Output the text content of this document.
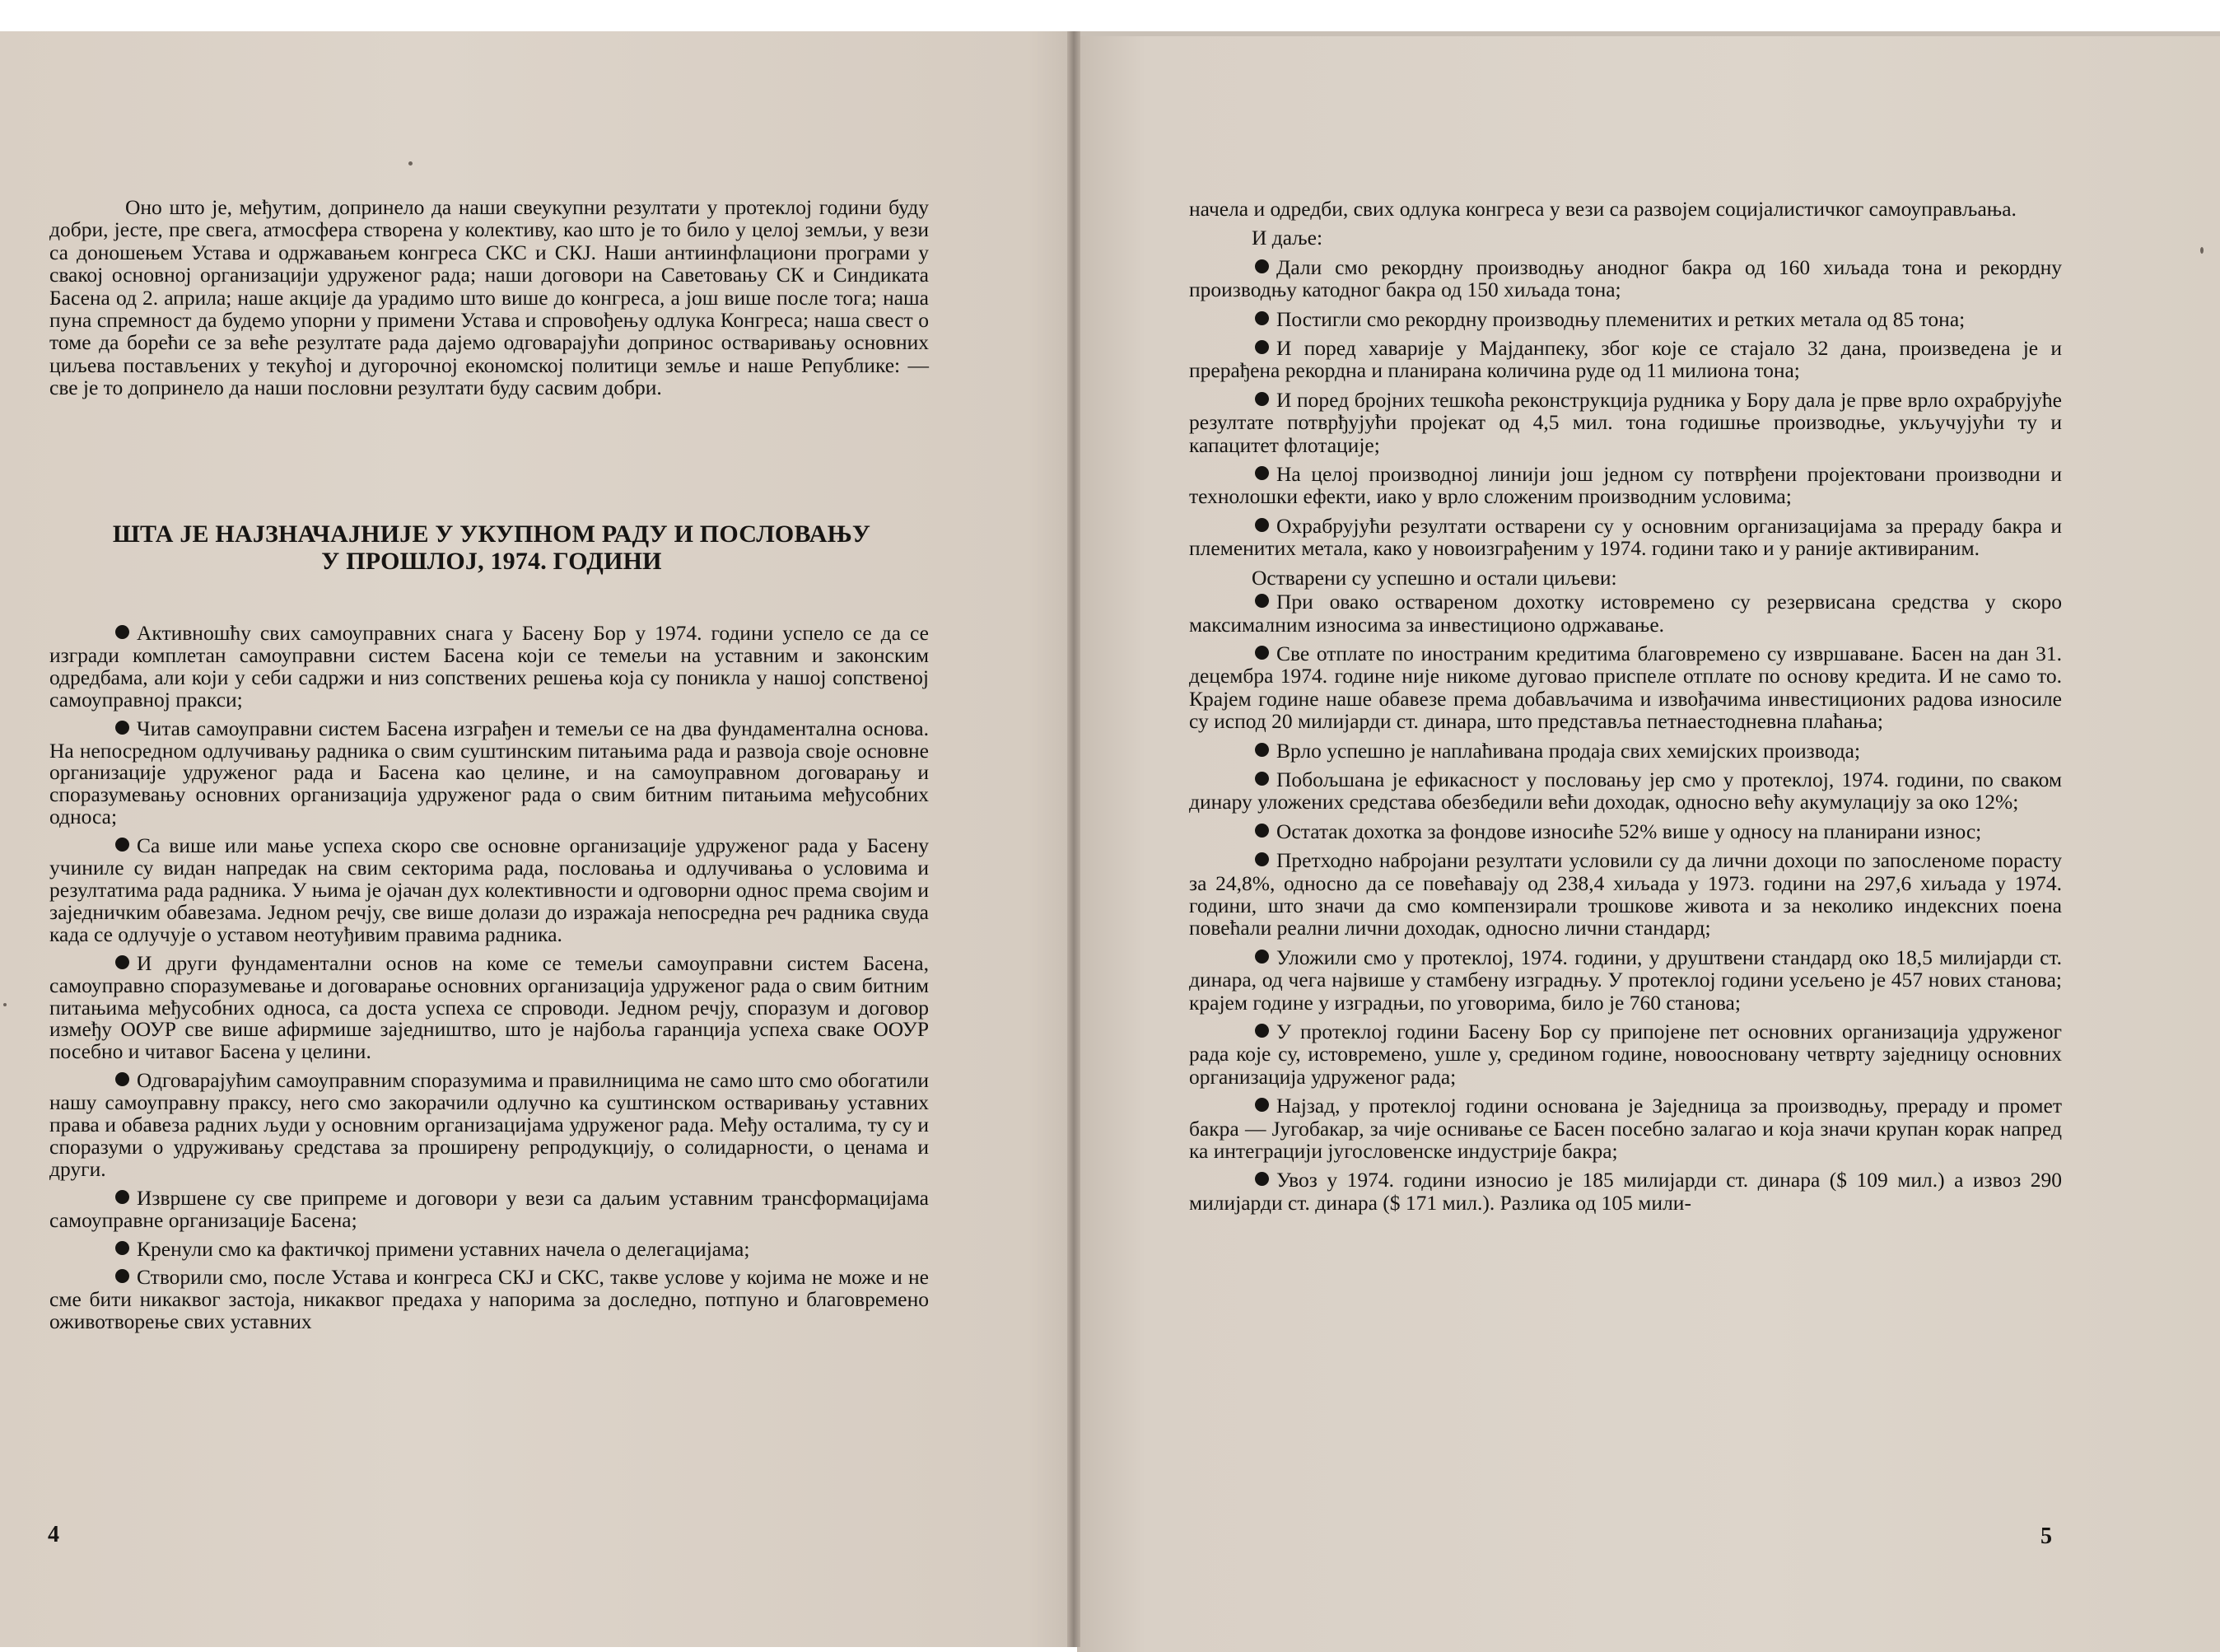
Оно што је, међутим, допринело да наши свеукупни резултати у протеклој години буду добри, јесте, пре свега, атмосфера створена у колективу, као што је то било у целој земљи, у вези са доношењем Устава и одржавањем конгреса СКС и СКЈ. Наши антиинфлациони програми у свакој основној организацији удруженог рада; наши договори на Саветовању СК и Синдиката Басена од 2. априла; наше акције да урадимо што више до конгреса, а још више после тога; наша пуна спремност да будемо упорни у примени Устава и спровођењу одлука Конгреса; наша свест о томе да борећи се за веће резултате рада дајемо одговарајући допринос остваривању основних циљева постављених у текућој и дугорочној економској политици земље и наше Републике: — све је то допринело да наши пословни резултати буду сасвим добри.

ШТА ЈЕ НАЈЗНАЧАЈНИЈЕ У УКУПНОМ РАДУ И ПОСЛОВАЊУ
У ПРОШЛОЈ, 1974. ГОДИНИ

Активношћу свих самоуправних снага у Басену Бор у 1974. години успело се да се изгради комплетан самоуправни систем Басена који се темељи на уставним и законским одредбама, али који у себи садржи и низ сопствених решења која су поникла у нашој сопственој самоуправној пракси;

Читав самоуправни систем Басена изграђен и темељи се на два фундаментална основа. На непосредном одлучивању радника о свим суштинским питањима рада и развоја своје основне организације удруженог рада и Басена као целине, и на самоуправном договарању и споразумевању основних организација удруженог рада о свим битним питањима међусобних односа;

Са више или мање успеха скоро све основне организације удруженог рада у Басену учиниле су видан напредак на свим секторима рада, пословања и одлучивања о условима и резултатима рада радника. У њима је ојачан дух колективности и одговорни однос према својим и заједничким обавезама. Једном речју, све више долази до изражаја непосредна реч радника свуда када се одлучује о уставом неотуђивим правима радника.

И други фундаментални основ на коме се темељи самоуправни систем Басена, самоуправно споразумевање и договарање основних организација удруженог рада о свим битним питањима међусобних односа, са доста успеха се спроводи. Једном речју, споразум и договор између ООУР све више афирмише заједништво, што је најбоља гаранција успеха сваке ООУР посебно и читавог Басена у целини.

Одговарајућим самоуправним споразумима и правилницима не само што смо обогатили нашу самоуправну праксу, него смо закорачили одлучно ка суштинском остваривању уставних права и обавеза радних људи у основним организацијама удруженог рада. Међу осталима, ту су и споразуми о удруживању средстава за проширену репродукцију, о солидарности, о ценама и други.

Извршене су све припреме и договори у вези са даљим уставним трансформацијама самоуправне организације Басена;

Кренули смо ка фактичкој примени уставних начела о делегацијама;

Створили смо, после Устава и конгреса СКЈ и СКС, такве услове у којима не може и не сме бити никаквог застоја, никаквог предаха у напорима за доследно, потпуно и благовремено оживотворење свих уставних

4

начела и одредби, свих одлука конгреса у вези са развојем социјалистичког самоуправљања.

И даље:

Дали смо рекордну производњу анодног бакра од 160 хиљада тона и рекордну производњу катодног бакра од 150 хиљада тона;

Постигли смо рекордну производњу племенитих и ретких метала од 85 тона;

И поред хаварије у Мајданпеку, због које се стајало 32 дана, произведена је и прерађена рекордна и планирана количина руде од 11 милиона тона;

И поред бројних тешкоћа реконструкција рудника у Бору дала је прве врло охрабрујуће резултате потврђујући пројекат од 4,5 мил. тона годишње производње, укључујући ту и капацитет флотације;

На целој производној линији још једном су потврђени пројектовани производни и технолошки ефекти, иако у врло сложеним производним условима;

Охрабрујући резултати остварени су у основним организацијама за прераду бакра и племенитих метала, како у новоизграђеним у 1974. години тако и у раније активираним.

Остварени су успешно и остали циљеви:

При овако оствареном дохотку истовремено су резервисана средства у скоро максималним износима за инвестиционо одржавање.

Све отплате по иностраним кредитима благовремено су извршаване. Басен на дан 31. децембра 1974. године није никоме дуговао приспеле отплате по основу кредита. И не само то. Крајем године наше обавезе према добављачима и извођачима инвестиционих радова износиле су испод 20 милијарди ст. динара, што представља петнаестодневна плаћања;

Врло успешно је наплаћивана продаја свих хемијских производа;

Побољшана је ефикасност у пословању јер смо у протеклој, 1974. години, по сваком динару уложених средстава обезбедили већи доходак, односно већу акумулацију за око 12%;

Остатак дохотка за фондове износиће 52% више у односу на планирани износ;

Претходно набројани резултати условили су да лични дохоци по запосленоме порасту за 24,8%, односно да се повећавају од 238,4 хиљада у 1973. години на 297,6 хиљада у 1974. години, што значи да смо компензирали трошкове живота и за неколико индексних поена повећали реални лични доходак, односно лични стандард;

Уложили смо у протеклој, 1974. години, у друштвени стандард око 18,5 милијарди ст. динара, од чега највише у стамбену изградњу. У протеклој години усељено је 457 нових станова; крајем године у изградњи, по уговорима, било је 760 станова;

У протеклој години Басену Бор су припојене пет основних организација удруженог рада које су, истовремено, ушле у, средином године, новоосновану четврту заједницу основних организација удруженог рада;

Најзад, у протеклој години основана је Заједница за производњу, прераду и промет бакра — Југобакар, за чије оснивање се Басен посебно залагао и која значи крупан корак напред ка интеграцији југословенске индустрије бакра;

Увоз у 1974. години износио је 185 милијарди ст. динара ($ 109 мил.) а извоз 290 милијарди ст. динара ($ 171 мил.). Разлика од 105 мили-

5
